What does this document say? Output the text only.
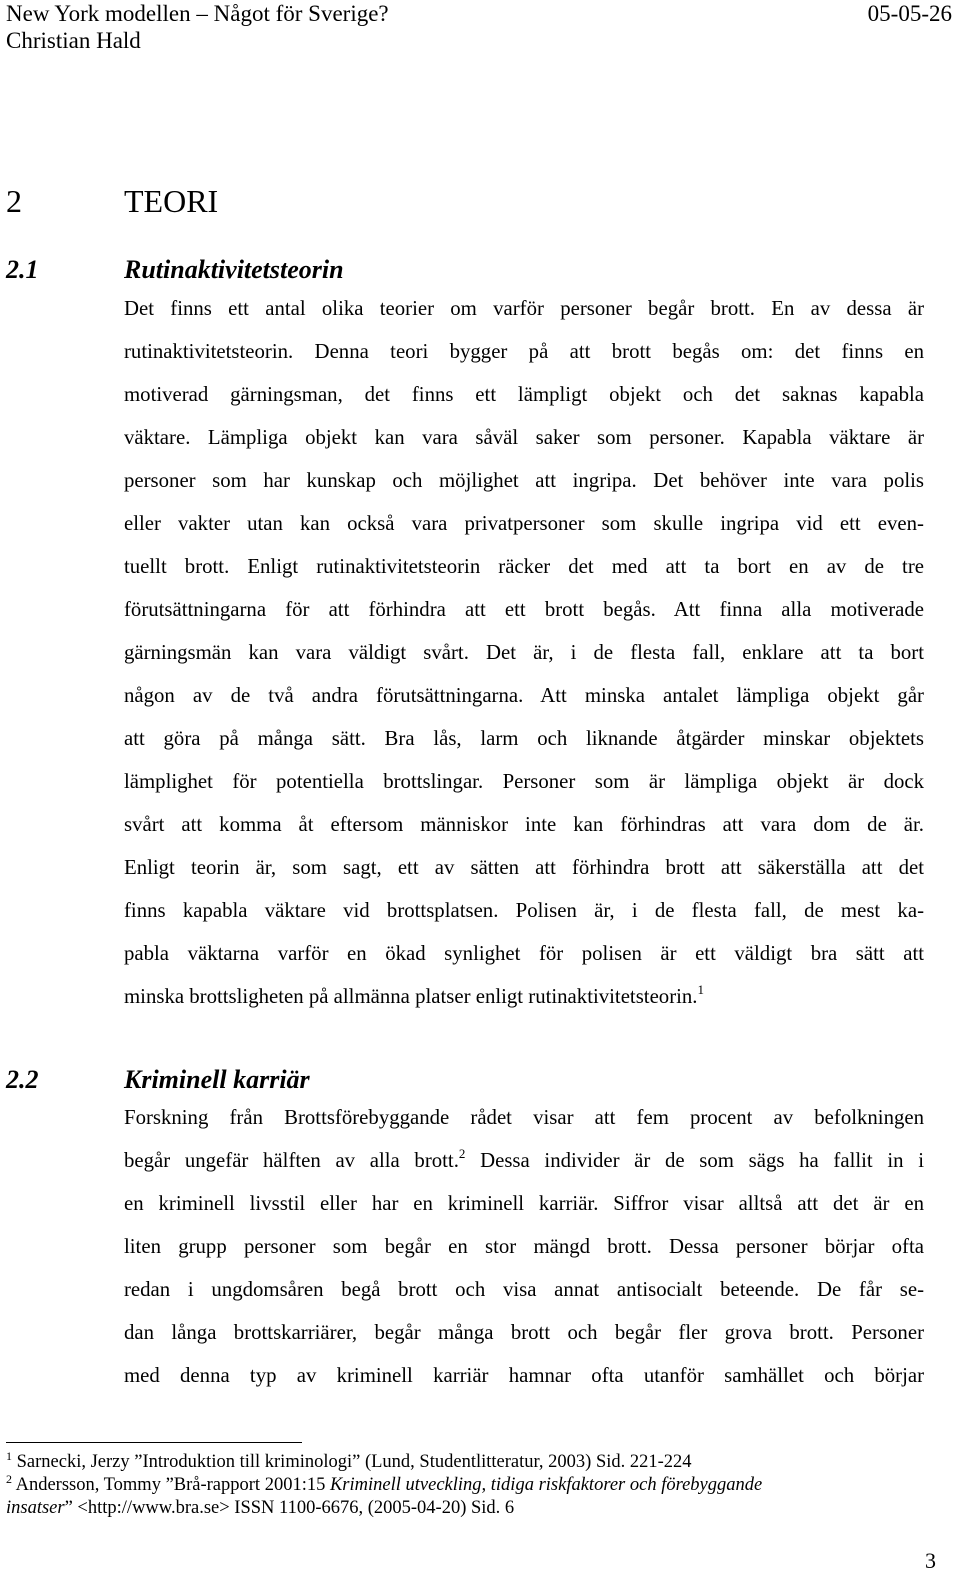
New York modellen – Något för Sverige?	05-05-26
Christian Hald
2	TEORI
2.1	Rutinaktivitetsteorin

Det finns ett antal olika teorier om varför personer begår brott. En av dessa är
rutinaktivitetsteorin. Denna teori bygger på att brott begås om: det finns en
motiverad gärningsman, det finns ett lämpligt objekt och det saknas kapabla
väktare. Lämpliga objekt kan vara såväl saker som personer. Kapabla väktare är
personer som har kunskap och möjlighet att ingripa. Det behöver inte vara polis
eller vakter utan kan också vara privatpersoner som skulle ingripa vid ett even-
tuellt brott. Enligt rutinaktivitetsteorin räcker det med att ta bort en av de tre
förutsättningarna för att förhindra att ett brott begås. Att finna alla motiverade
gärningsmän kan vara väldigt svårt. Det är, i de flesta fall, enklare att ta bort
någon av de två andra förutsättningarna. Att minska antalet lämpliga objekt går
att göra på många sätt. Bra lås, larm och liknande åtgärder minskar objektets
lämplighet för potentiella brottslingar. Personer som är lämpliga objekt är dock
svårt att komma åt eftersom människor inte kan förhindras att vara dom de är.
Enligt teorin är, som sagt, ett av sätten att förhindra brott att säkerställa att det
finns kapabla väktare vid brottsplatsen. Polisen är, i de flesta fall, de mest ka-
pabla väktarna varför en ökad synlighet för polisen är ett väldigt bra sätt att
minska brottsligheten på allmänna platser enligt rutinaktivitetsteorin.$^1$

2.2	Kriminell karriär

Forskning från Brottsförebyggande rådet visar att fem procent av befolkningen
begår ungefär hälften av alla brott.$^2$ Dessa individer är de som sägs ha fallit in i
en kriminell livsstil eller har en kriminell karriär. Siffror visar alltså att det är en
liten grupp personer som begår en stor mängd brott. Dessa personer börjar ofta
redan i ungdomsåren begå brott och visa annat antisocialt beteende. De får se-
dan långa brottskarriärer, begår många brott och begår fler grova brott. Personer
med denna typ av kriminell karriär hamnar ofta utanför samhället och börjar

$^1$ Sarnecki, Jerzy ”Introduktion till kriminologi” (Lund, Studentlitteratur, 2003) Sid. 221-224
$^2$ Andersson, Tommy ”Brå-rapport 2001:15 Kriminell utveckling, tidiga riskfaktorer och förebyggande
insatser” <http://www.bra.se> ISSN 1100-6676, (2005-04-20) Sid. 6
3
